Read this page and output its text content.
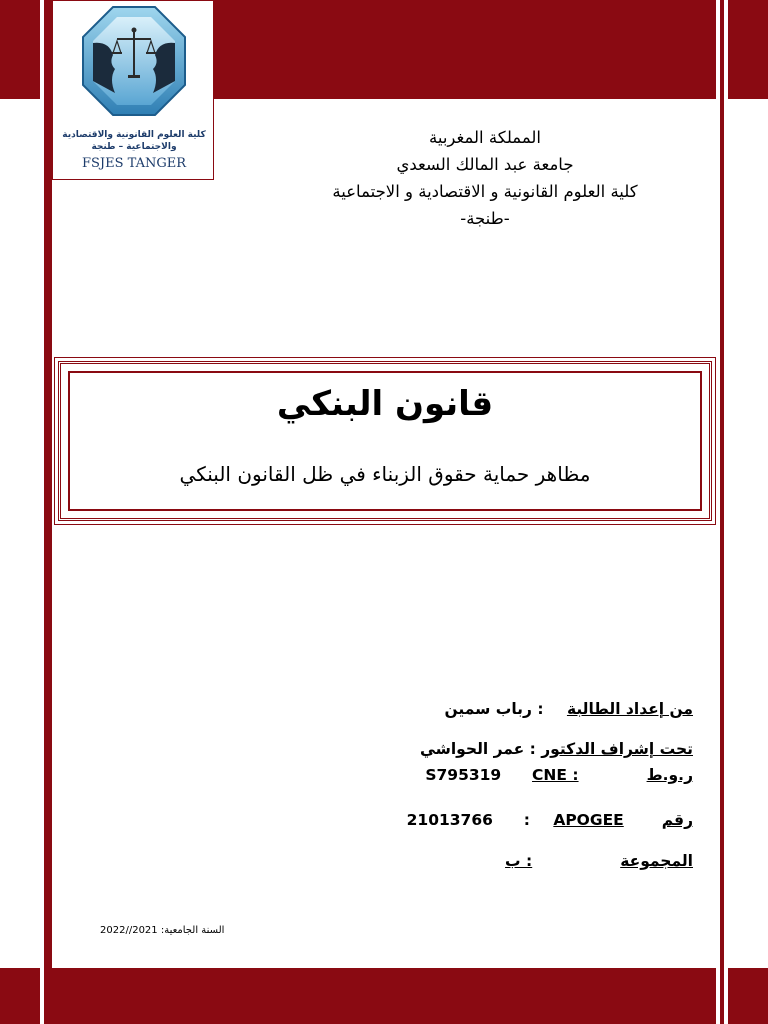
كلية العلوم القانونية والاقتصادية
والاجتماعية – طنجة
FSJES TANGER
المملكة المغربية
جامعة عبد المالك السعدي
كلية العلوم القانونية و الاقتصادية و الاجتماعية
-طنجة-
قانون البنكي
مظاهر حماية حقوق الزبناء في ظل القانون البنكي
من إعداد الطالبة : رباب سمين
تحت إشراف الدكتور : عمر الحواشي
ر.و.طCNE :  S795319
رقمAPOGEE :  21013766
المجموعة: ب
السنة الجامعية: 2021//2022
